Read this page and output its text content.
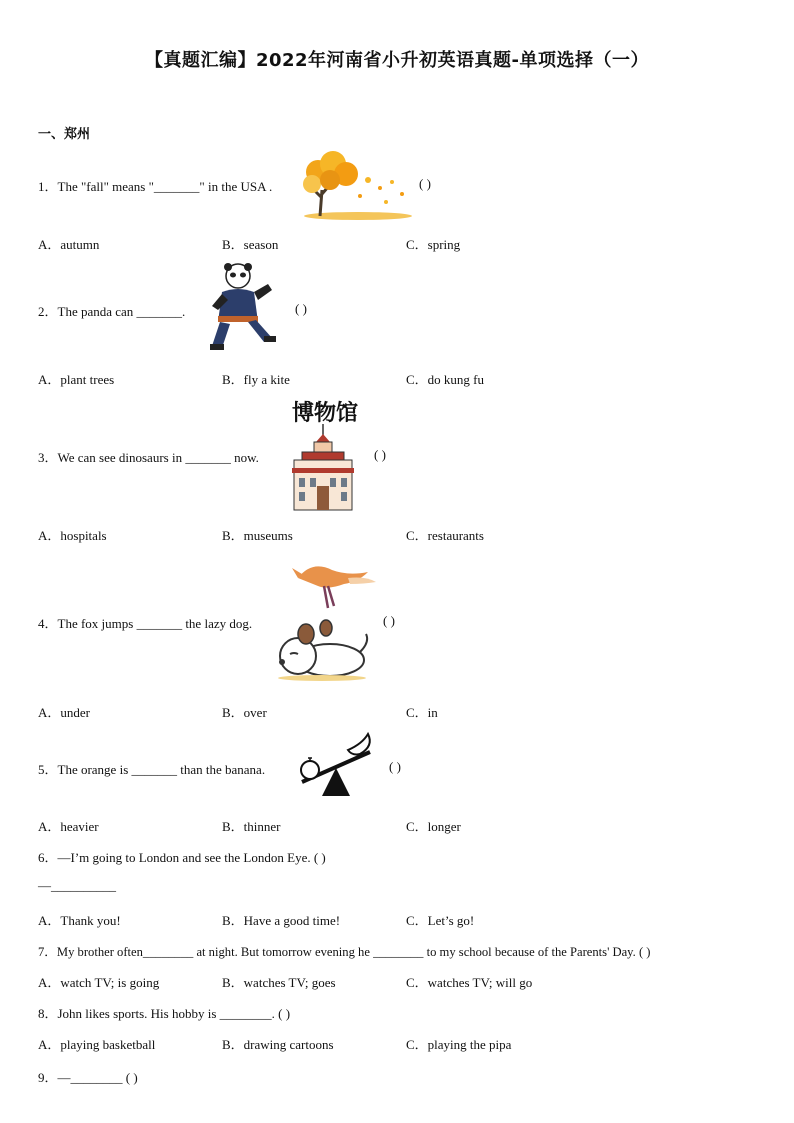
【真题汇编】2022年河南省小升初英语真题-单项选择（一）
一、郑州
1．The "fall" means "_______" in the USA .	( )
A．autumn	B．season	C．spring
2．The panda can _______.	( )
A．plant trees	B．fly a kite	C．do kung fu
博物馆
3．We can see dinosaurs in _______ now.	( )
A．hospitals	B．museums	C．restaurants
4．The fox jumps _______ the lazy dog.	( )
A．under	B．over	C．in
5．The orange is _______ than the banana.	( )
A．heavier	B．thinner	C．longer
6．—I’m going to London and see the London Eye. ( )
—__________
A．Thank you!	B．Have a good time!	C．Let’s go!
7．My brother often________ at night. But tomorrow evening he ________ to my school because of the Parents' Day. ( )
A．watch TV; is going	B．watches TV; goes	C．watches TV; will go
8．John likes sports. His hobby is ________. ( )
A．playing basketball	B．drawing cartoons	C．playing the pipa
9．—________ ( )
